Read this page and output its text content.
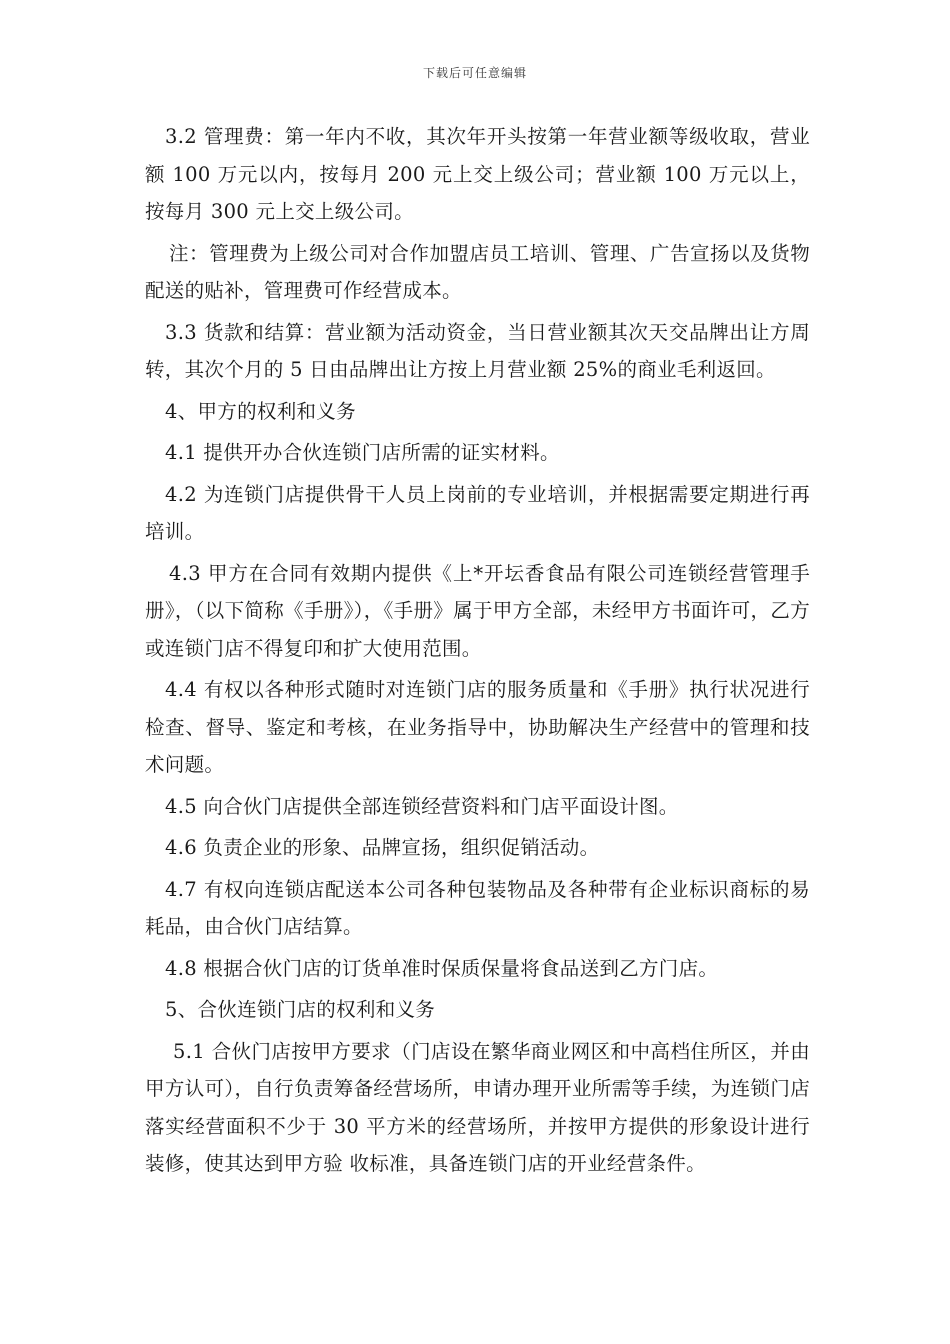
下载后可任意编辑

3.2 管理费：第一年内不收，其次年开头按第一年营业额等级收取，营业额 100 万元以内，按每月 200 元上交上级公司；营业额 100 万元以上，按每月 300 元上交上级公司。

注：管理费为上级公司对合作加盟店员工培训、管理、广告宣扬以及货物配送的贴补，管理费可作经营成本。

3.3 货款和结算：营业额为活动资金，当日营业额其次天交品牌出让方周转，其次个月的 5 日由品牌出让方按上月营业额 25%的商业毛利返回。

4、甲方的权利和义务

4.1 提供开办合伙连锁门店所需的证实材料。

4.2 为连锁门店提供骨干人员上岗前的专业培训，并根据需要定期进行再培训。

4.3 甲方在合同有效期内提供《上*开坛香食品有限公司连锁经营管理手册》，（以下简称《手册》），《手册》属于甲方全部，未经甲方书面许可，乙方或连锁门店不得复印和扩大使用范围。

4.4 有权以各种形式随时对连锁门店的服务质量和《手册》执行状况进行检查、督导、鉴定和考核，在业务指导中，协助解决生产经营中的管理和技术问题。

4.5 向合伙门店提供全部连锁经营资料和门店平面设计图。

4.6 负责企业的形象、品牌宣扬，组织促销活动。

4.7 有权向连锁店配送本公司各种包装物品及各种带有企业标识商标的易耗品，由合伙门店结算。

4.8 根据合伙门店的订货单准时保质保量将食品送到乙方门店。

5、合伙连锁门店的权利和义务

5.1 合伙门店按甲方要求（门店设在繁华商业网区和中高档住所区，并由甲方认可），自行负责筹备经营场所，申请办理开业所需等手续，为连锁门店落实经营面积不少于 30 平方米的经营场所，并按甲方提供的形象设计进行装修，使其达到甲方验 收标准，具备连锁门店的开业经营条件。
